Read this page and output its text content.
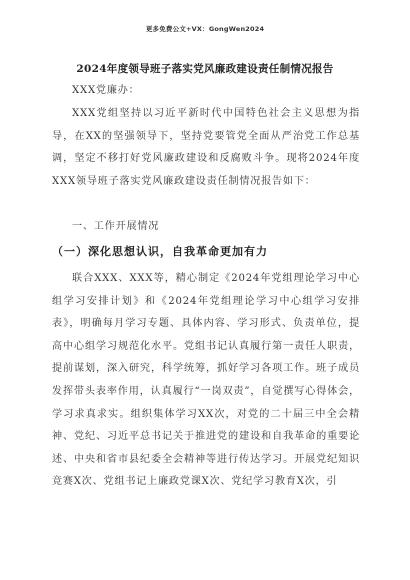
更多免费公文+VX：GongWen2024
2024年度领导班子落实党风廉政建设责任制情况报告
XXX党廉办：
XXX党组坚持以习近平新时代中国特色社会主义思想为指导，在XX的坚强领导下，坚持党要管党全面从严治党工作总基调，坚定不移打好党风廉政建设和反腐败斗争。现将2024年度XXX领导班子落实党风廉政建设责任制情况报告如下：
一、工作开展情况
（一）深化思想认识，自我革命更加有力
联合XXX、XXX等，精心制定《2024年党组理论学习中心组学习安排计划》和《2024年党组理论学习中心组学习安排表》，明确每月学习专题、具体内容、学习形式、负责单位，提高中心组学习规范化水平。党组书记认真履行第一责任人职责，提前谋划，深入研究，科学统筹，抓好学习各项工作。班子成员发挥带头表率作用，认真履行“一岗双责”，自觉撰写心得体会，学习求真求实。组织集体学习XX次，对党的二十届三中全会精神、党纪、习近平总书记关于推进党的建设和自我革命的重要论述、中央和省市县纪委全会精神等进行传达学习。开展党纪知识竞赛X次、党组书记上廉政党课X次、党纪学习教育X次，引
